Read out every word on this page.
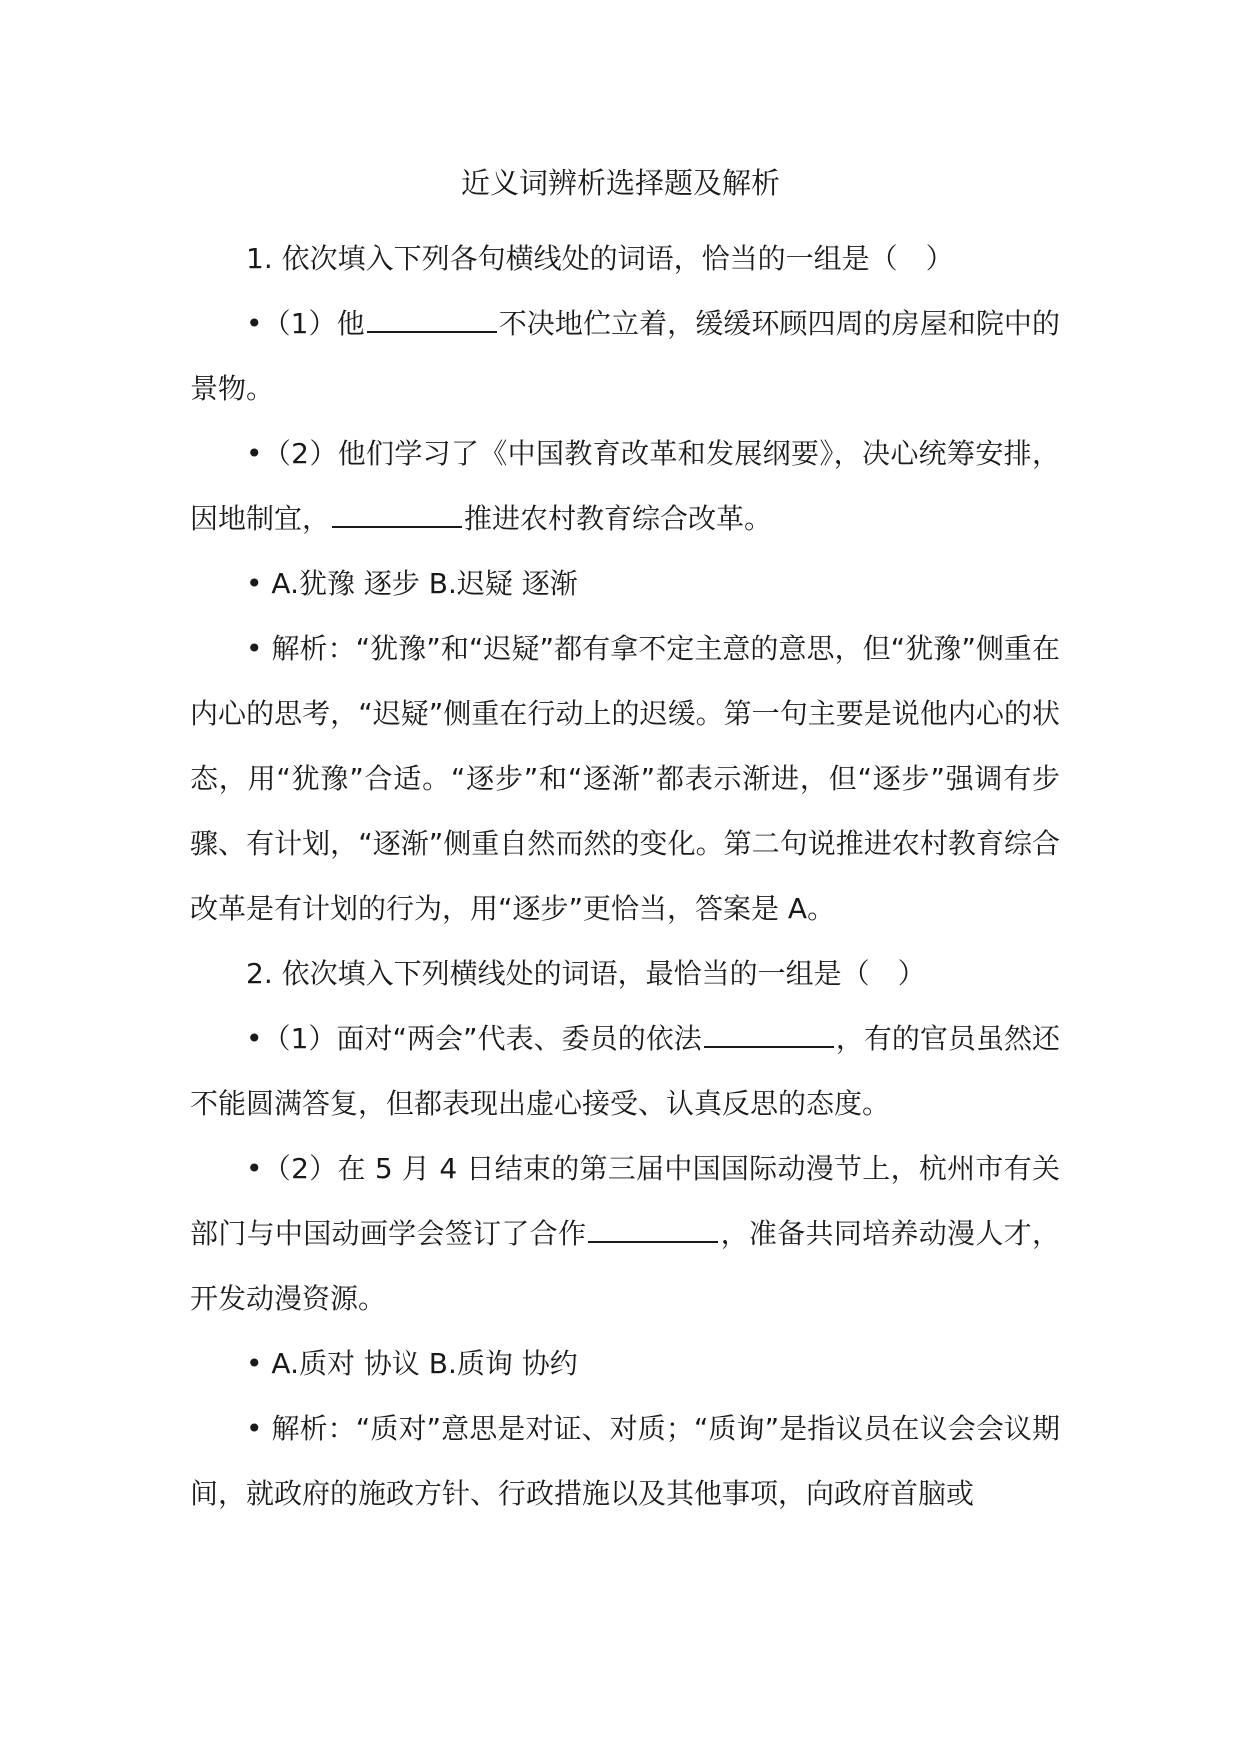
近义词辨析选择题及解析

1. 依次填入下列各句横线处的词语，恰当的一组是（　）

•（1）他	不决地伫立着，缓缓环顾四周的房屋和院中的景物。

•（2）他们学习了《中国教育改革和发展纲要》，决心统筹安排，因地制宜，	推进农村教育综合改革。

• A.犹豫 逐步 B.迟疑 逐渐

• 解析：“犹豫”和“迟疑”都有拿不定主意的意思，但“犹豫”侧重在内心的思考，“迟疑”侧重在行动上的迟缓。第一句主要是说他内心的状态，用“犹豫”合适。“逐步”和“逐渐”都表示渐进，但“逐步”强调有步骤、有计划，“逐渐”侧重自然而然的变化。第二句说推进农村教育综合改革是有计划的行为，用“逐步”更恰当，答案是 A。

2. 依次填入下列横线处的词语，最恰当的一组是（　）

•（1）面对“两会”代表、委员的依法	，有的官员虽然还不能圆满答复，但都表现出虚心接受、认真反思的态度。

•（2）在 5 月 4 日结束的第三届中国国际动漫节上，杭州市有关部门与中国动画学会签订了合作	，准备共同培养动漫人才，开发动漫资源。

• A.质对 协议 B.质询 协约

• 解析：“质对”意思是对证、对质；“质询”是指议员在议会会议期间，就政府的施政方针、行政措施以及其他事项，向政府首脑或
